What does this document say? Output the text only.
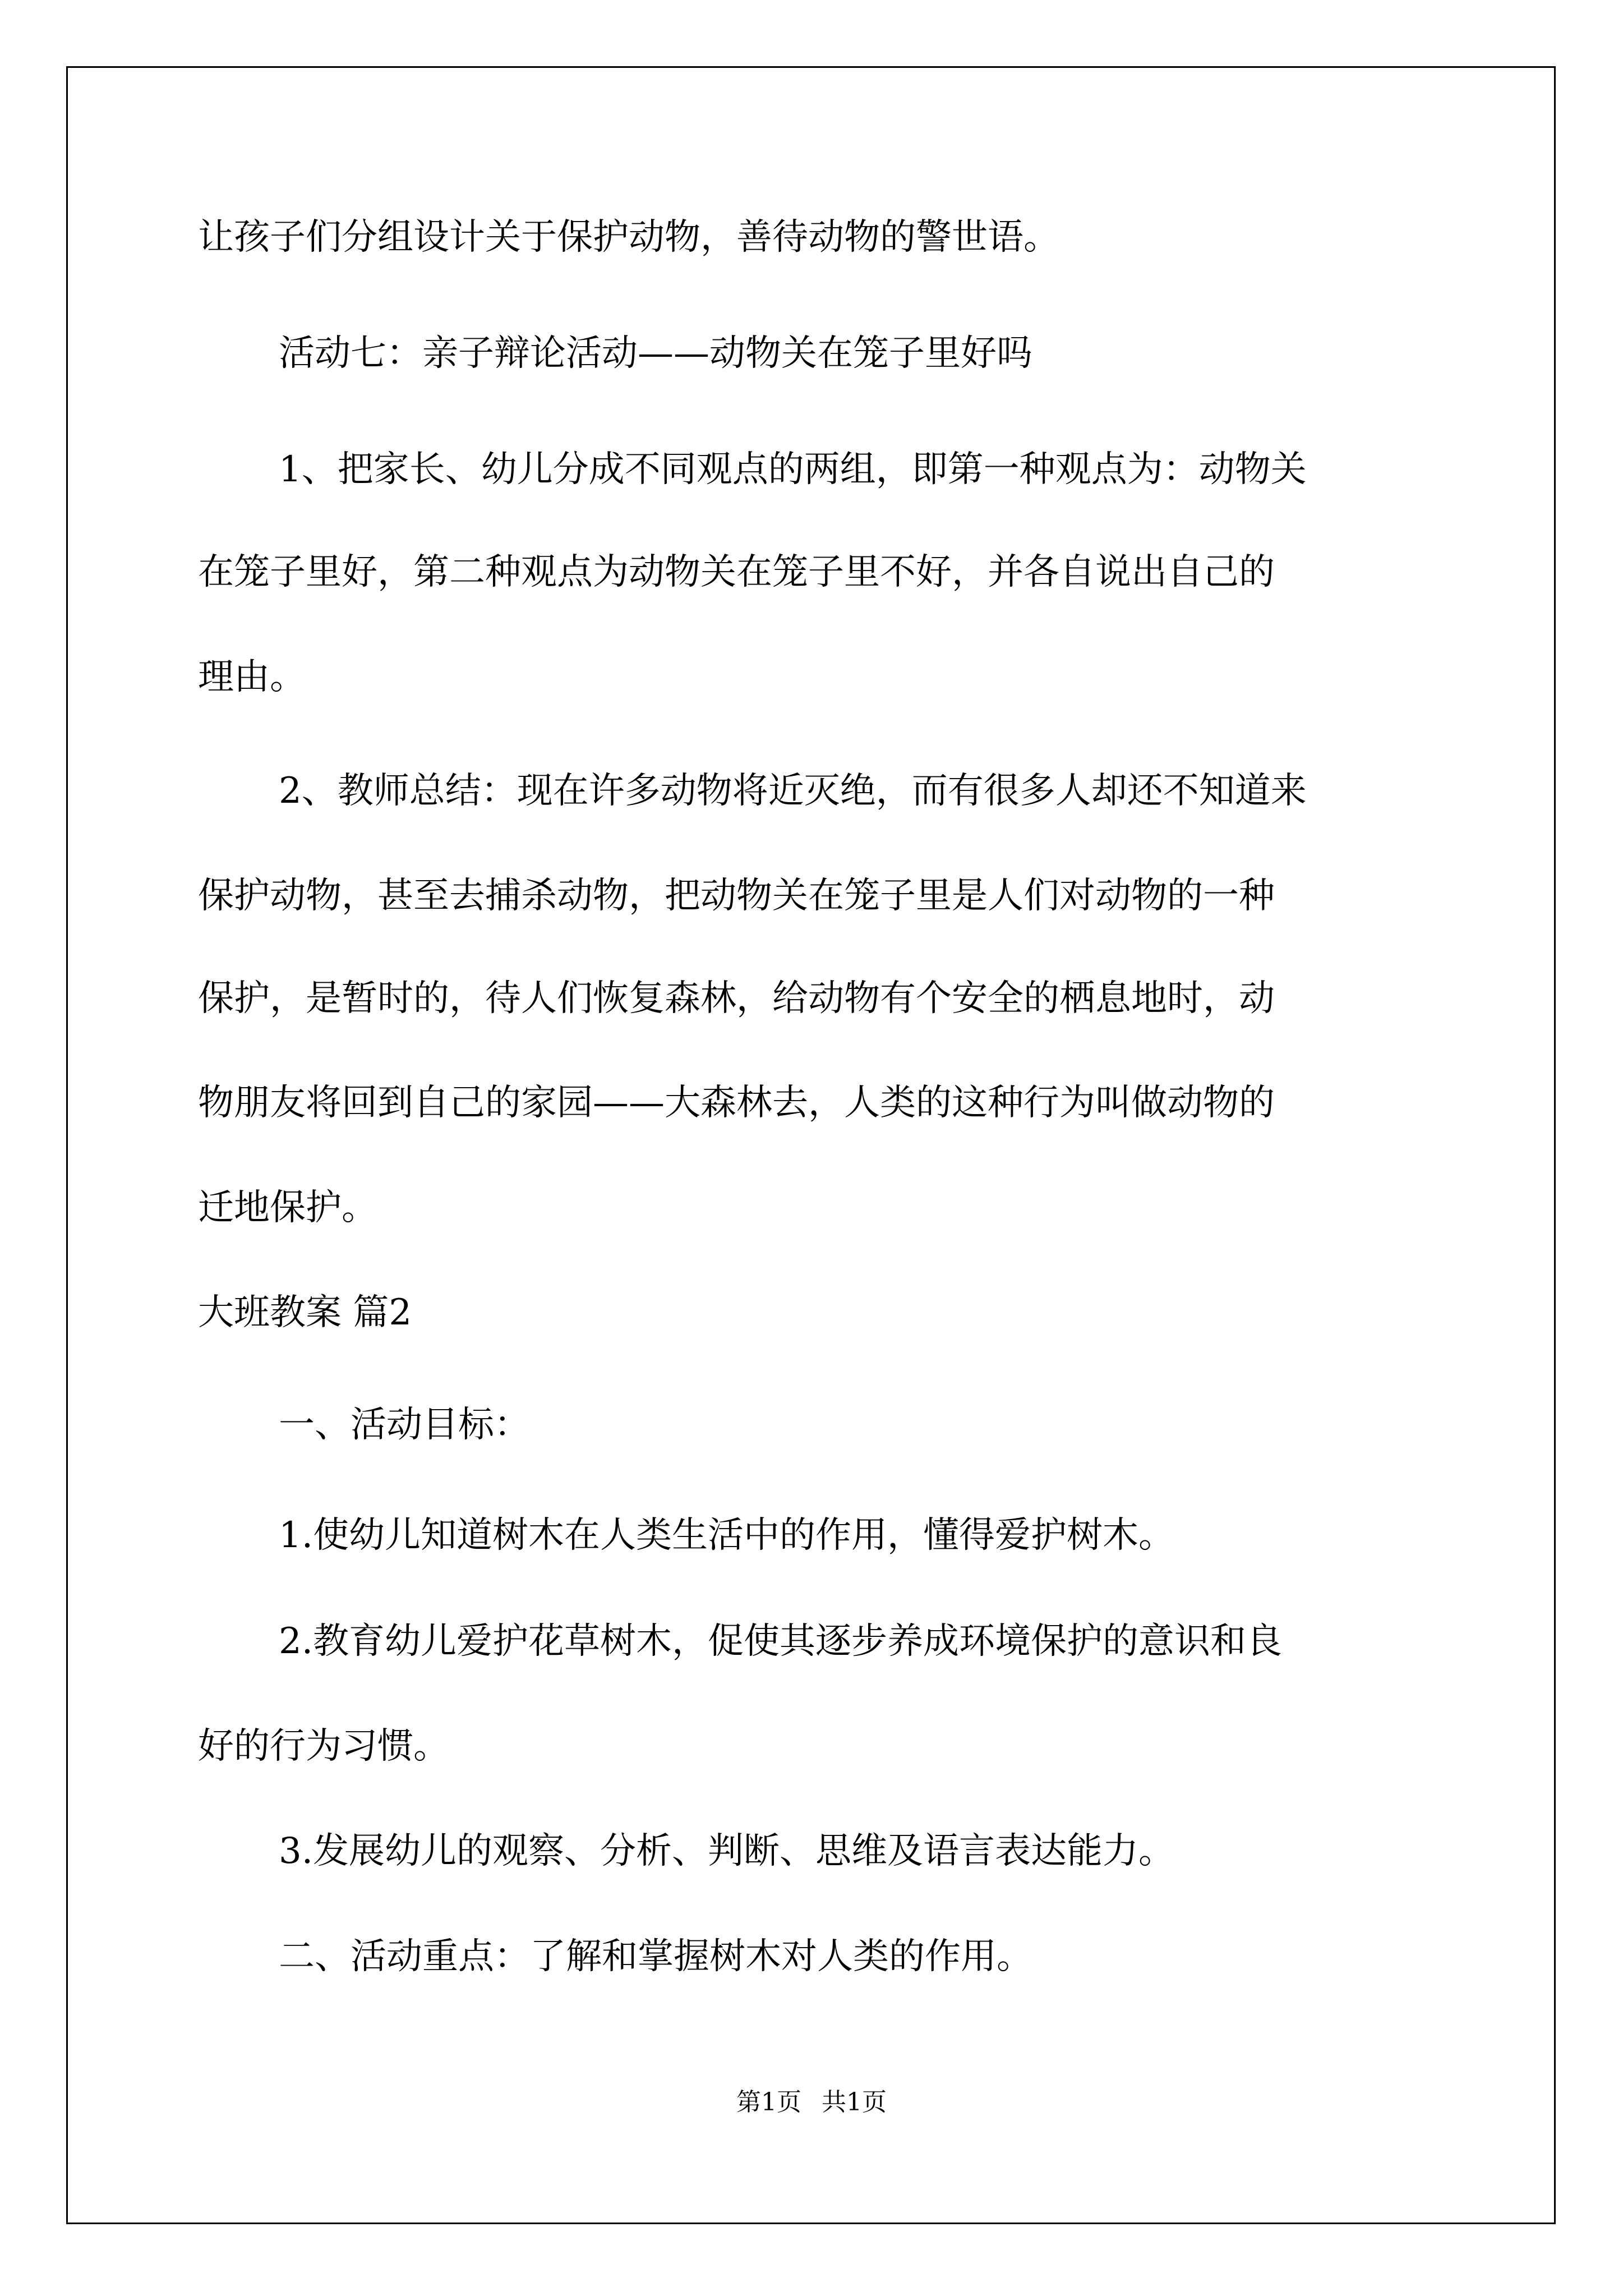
让孩子们分组设计关于保护动物，善待动物的警世语。
活动七：亲子辩论活动——动物关在笼子里好吗
1、把家长、幼儿分成不同观点的两组，即第一种观点为：动物关
在笼子里好，第二种观点为动物关在笼子里不好，并各自说出自己的
理由。
2、教师总结：现在许多动物将近灭绝，而有很多人却还不知道来
保护动物，甚至去捕杀动物，把动物关在笼子里是人们对动物的一种
保护，是暂时的，待人们恢复森林，给动物有个安全的栖息地时，动
物朋友将回到自己的家园——大森林去，人类的这种行为叫做动物的
迁地保护。
大班教案 篇2
一、活动目标：
1.使幼儿知道树木在人类生活中的作用，懂得爱护树木。
2.教育幼儿爱护花草树木，促使其逐步养成环境保护的意识和良
好的行为习惯。
3.发展幼儿的观察、分析、判断、思维及语言表达能力。
二、活动重点：了解和掌握树木对人类的作用。
第1页 共1页
